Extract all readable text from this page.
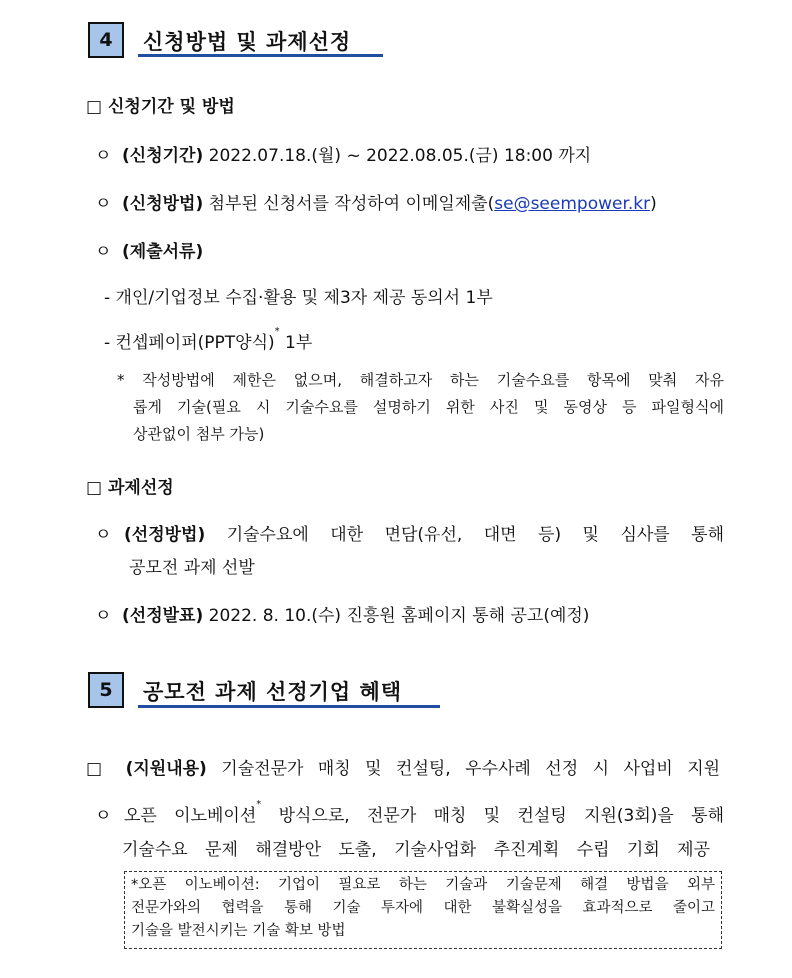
4	신청방법 및 과제선정
□ 신청기간 및 방법
ㅇ (신청기간) 2022.07.18.(월) ~ 2022.08.05.(금) 18:00 까지
ㅇ (신청방법) 첨부된 신청서를 작성하여 이메일제출(se@seempower.kr)
ㅇ (제출서류)
- 개인/기업정보 수집·활용 및 제3자 제공 동의서 1부
- 컨셉페이퍼(PPT양식)* 1부
* 작성방법에 제한은 없으며, 해결하고자 하는 기술수요를 항목에 맞춰 자유
롭게 기술(필요 시 기술수요를 설명하기 위한 사진 및 동영상 등 파일형식에
상관없이 첨부 가능)
□ 과제선정
ㅇ (선정방법) 기술수요에 대한 면담(유선, 대면 등) 및 심사를 통해
공모전 과제 선발
ㅇ (선정발표) 2022. 8. 10.(수) 진흥원 홈페이지 통해 공고(예정)
5	공모전 과제 선정기업 혜택
□ (지원내용) 기술전문가 매칭 및 컨설팅, 우수사례 선정 시 사업비 지원
ㅇ 오픈 이노베이션* 방식으로, 전문가 매칭 및 컨설팅 지원(3회)을 통해
기술수요 문제 해결방안 도출, 기술사업화 추진계획 수립 기회 제공
*오픈 이노베이션: 기업이 필요로 하는 기술과 기술문제 해결 방법을 외부
전문가와의 협력을 통해 기술 투자에 대한 불확실성을 효과적으로 줄이고
기술을 발전시키는 기술 확보 방법
